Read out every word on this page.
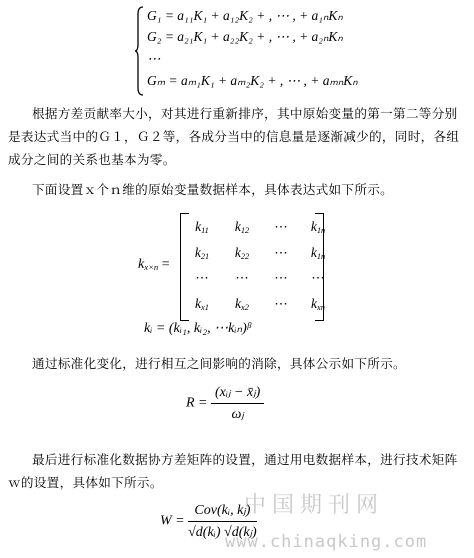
G₁ = a₁₁K₁ + a₁₂K₂ + , ⋯ , + a₁ₙKₙ
G₂ = a₂₁K₁ + a₂₂K₂ + , ⋯ , + a₂ₙKₙ
⋯
Gₘ = aₘ₁K₁ + aₘ₂K₂ + , ⋯ , + aₘₙKₙ
根据方差贡献率大小，对其进行重新排序，其中原始变量的第一第二等分别是表达式当中的Ｇ１，Ｇ２等，各成分当中的信息量是逐渐减少的，同时，各组成分之间的关系也基本为零。
下面设置ｘ个ｎ维的原始变量数据样本，具体表达式如下所示。
$k_{x\times n}$ =
$k_{11}$	$k_{12}$	⋯	$k_{1n}$
$k_{21}$	$k_{22}$	⋯	$k_{1n}$
⋯	⋯	⋯	⋯
$k_{x1}$	$k_{x2}$	⋯	$k_{xn}$
kᵢ = (kᵢ₁, kᵢ₂, ⋯kᵢₙ)ᵝ
通过标准化变化，进行相互之间影响的消除，具体公示如下所示。
$R = \frac{\text{(xᵢⱼ − x̄ⱼ)}}{\text{ωⱼ}}$
最后进行标准化数据协方差矩阵的设置，通过用电数据样本，进行技术矩阵ｗ的设置，具体如下所示。
中国期刊网
www.chinaqking.com
$W = \frac{\text{Cov(kᵢ, kⱼ)}}{\text{√d(kᵢ) √d(kⱼ)}}$
